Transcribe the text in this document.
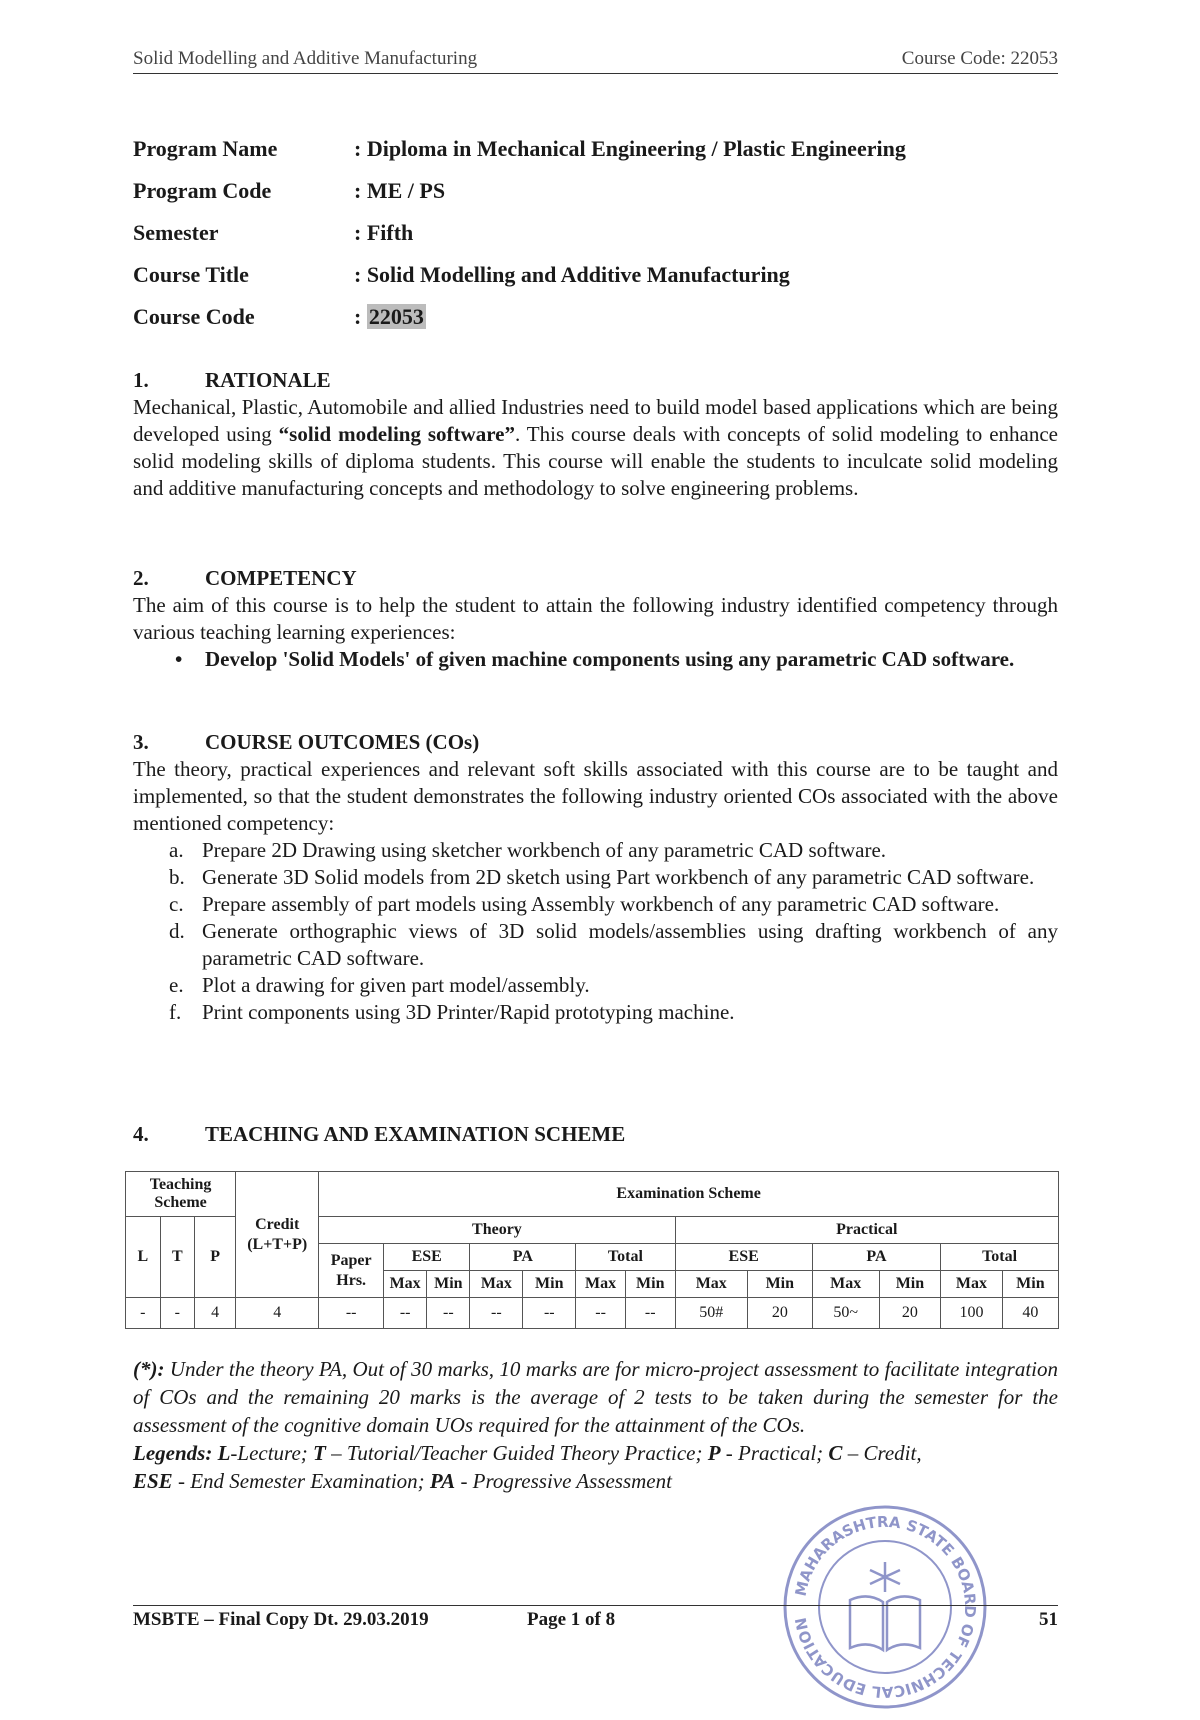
Solid Modelling and Additive Manufacturing	Course Code: 22053
Program Name	: Diploma in Mechanical Engineering / Plastic Engineering
Program Code	: ME / PS
Semester	: Fifth
Course Title	: Solid Modelling and Additive Manufacturing
Course Code	: 22053
1.	RATIONALE
Mechanical, Plastic, Automobile and allied Industries need to build model based applications which are being developed using “solid modeling software”. This course deals with concepts of solid modeling to enhance solid modeling skills of diploma students. This course will enable the students to inculcate solid modeling and additive manufacturing concepts and methodology to solve engineering problems.
2.	COMPETENCY
The aim of this course is to help the student to attain the following industry identified competency through various teaching learning experiences:
•	Develop 'Solid Models' of given machine components using any parametric CAD software.
3.	COURSE OUTCOMES (COs)
The theory, practical experiences and relevant soft skills associated with this course are to be taught and implemented, so that the student demonstrates the following industry oriented COs associated with the above mentioned competency:
a. Prepare 2D Drawing using sketcher workbench of any parametric CAD software.
b. Generate 3D Solid models from 2D sketch using Part workbench of any parametric CAD software.
c. Prepare assembly of part models using Assembly workbench of any parametric CAD software.
d. Generate orthographic views of 3D solid models/assemblies using drafting workbench of any parametric CAD software.
e. Plot a drawing for given part model/assembly.
f. Print components using 3D Printer/Rapid prototyping machine.
4.	TEACHING AND EXAMINATION SCHEME
Teaching Scheme			Credit (L+T+P)	Examination Scheme												
L	T	P		Theory							Practical					
				Paper Hrs.	ESE		PA		Total		ESE		PA		Total	
					Max	Min	Max	Min	Max	Min	Max	Min	Max	Min	Max	Min
-	-	4	4	--	--	--	--	--	--	--	50#	20	50~	20	100	40
(*): Under the theory PA, Out of 30 marks, 10 marks are for micro-project assessment to facilitate integration of COs and the remaining 20 marks is the average of 2 tests to be taken during the semester for the assessment of the cognitive domain UOs required for the attainment of the COs.
Legends: L-Lecture; T – Tutorial/Teacher Guided Theory Practice; P - Practical; C – Credit,
ESE - End Semester Examination; PA - Progressive Assessment
MAHARASHTRA STATE BOARD OF TECHNICAL EDUCATION
MSBTE – Final Copy Dt. 29.03.2019	Page 1 of 8	51
